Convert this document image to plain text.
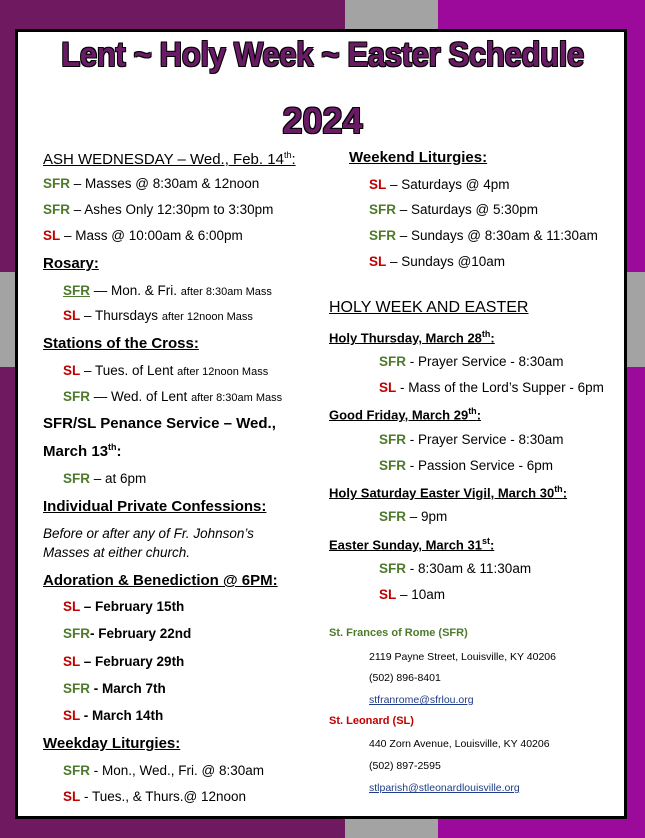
Lent ~ Holy Week ~ Easter Schedule
2024
ASH WEDNESDAY – Wed., Feb. 14th:
SFR – Masses @ 8:30am & 12noon
SFR – Ashes Only 12:30pm to 3:30pm
SL – Mass @ 10:00am & 6:00pm
Rosary:
SFR — Mon. & Fri. after 8:30am Mass
SL – Thursdays after 12noon Mass
Stations of the Cross:
SL – Tues. of Lent after 12noon Mass
SFR — Wed. of Lent after 8:30am Mass
SFR/SL Penance Service – Wed.,
March 13th:
SFR – at 6pm
Individual Private Confessions:
Before or after any of Fr. Johnson’s
Masses at either church.
Adoration & Benediction @ 6PM:
SL – February 15th
SFR- February 22nd
SL – February 29th
SFR - March 7th
SL - March 14th
Weekday Liturgies:
SFR - Mon., Wed., Fri. @ 8:30am
SL - Tues., & Thurs.@ 12noon
Weekend Liturgies:
SL – Saturdays @ 4pm
SFR – Saturdays @ 5:30pm
SFR – Sundays @ 8:30am & 11:30am
SL – Sundays @10am
HOLY WEEK AND EASTER
Holy Thursday, March 28th:
SFR - Prayer Service - 8:30am
SL - Mass of the Lord’s Supper - 6pm
Good Friday, March 29th:
SFR - Prayer Service - 8:30am
SFR - Passion Service - 6pm
Holy Saturday Easter Vigil, March 30th:
SFR – 9pm
Easter Sunday, March 31st:
SFR - 8:30am & 11:30am
SL – 10am
St. Frances of Rome (SFR)
2119 Payne Street, Louisville, KY 40206
(502) 896-8401
stfranrome@sfrlou.org
St. Leonard (SL)
440 Zorn Avenue, Louisville, KY 40206
(502) 897-2595
stlparish@stleonardlouisville.org
